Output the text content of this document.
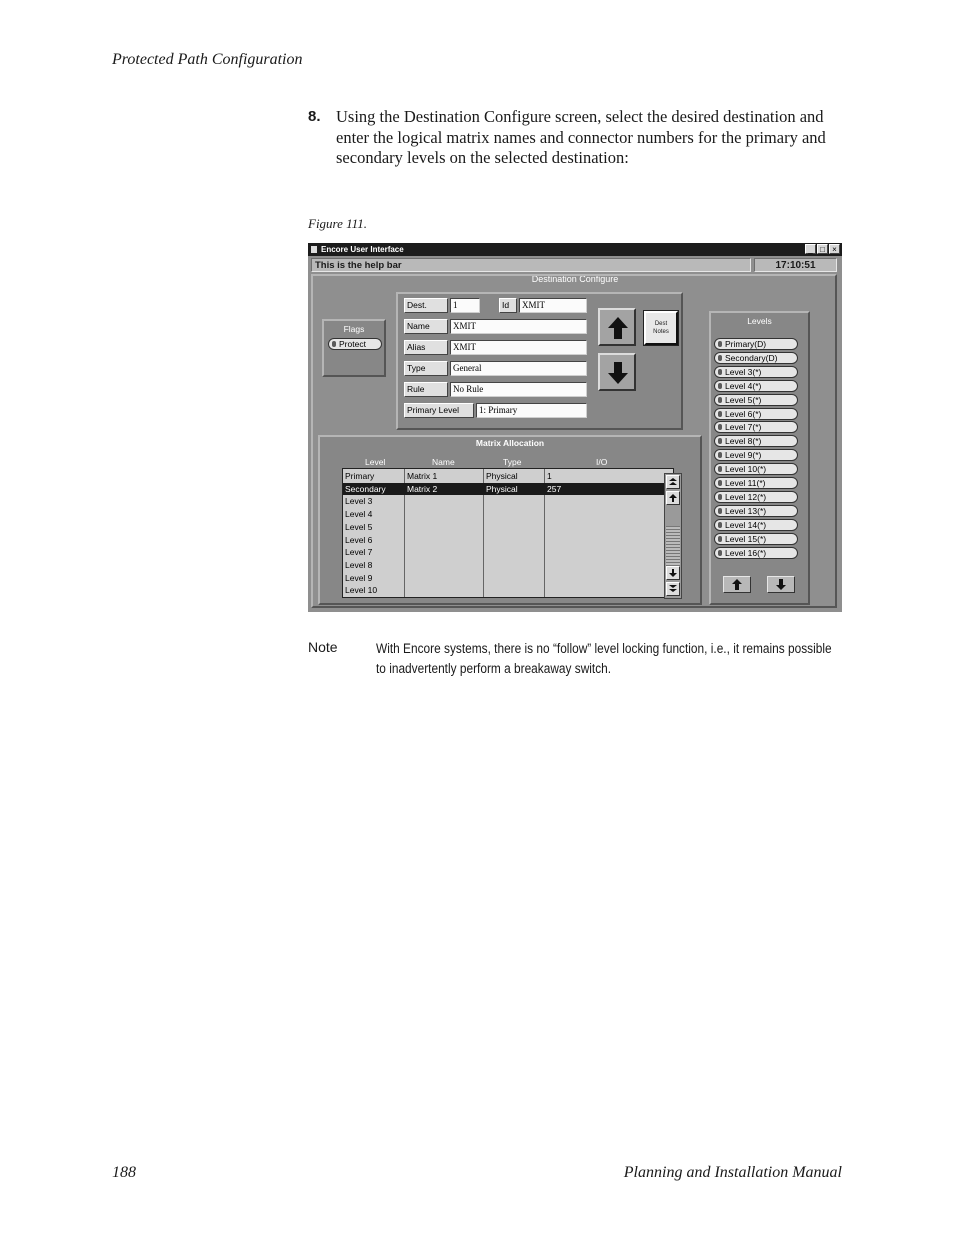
Protected Path Configuration
8. Using the Destination Configure screen, select the desired destination and enter the logical matrix names and connector numbers for the primary and secondary levels on the selected destination:
Figure 111.
Encore User Interface	_ □ ×
This is the help bar	17:10:51
Destination Configure
Flags
Protect
Dest.	1	Id	XMIT
Name	XMIT
Alias	XMIT
Type	General
Rule	No Rule
Primary Level	1: Primary
Dest
Notes
Levels
Primary(D)
Secondary(D)
Level 3(*)
Level 4(*)
Level 5(*)
Level 6(*)
Level 7(*)
Level 8(*)
Level 9(*)
Level 10(*)
Level 11(*)
Level 12(*)
Level 13(*)
Level 14(*)
Level 15(*)
Level 16(*)
Matrix Allocation
Level	Name	Type	I/O
Primary	Matrix 1	Physical	1
Secondary	Matrix 2	Physical	257
Level 3
Level 4
Level 5
Level 6
Level 7
Level 8
Level 9
Level 10
Note	With Encore systems, there is no “follow” level locking function, i.e., it remains possible to inadvertently perform a breakaway switch.
188	Planning and Installation Manual
